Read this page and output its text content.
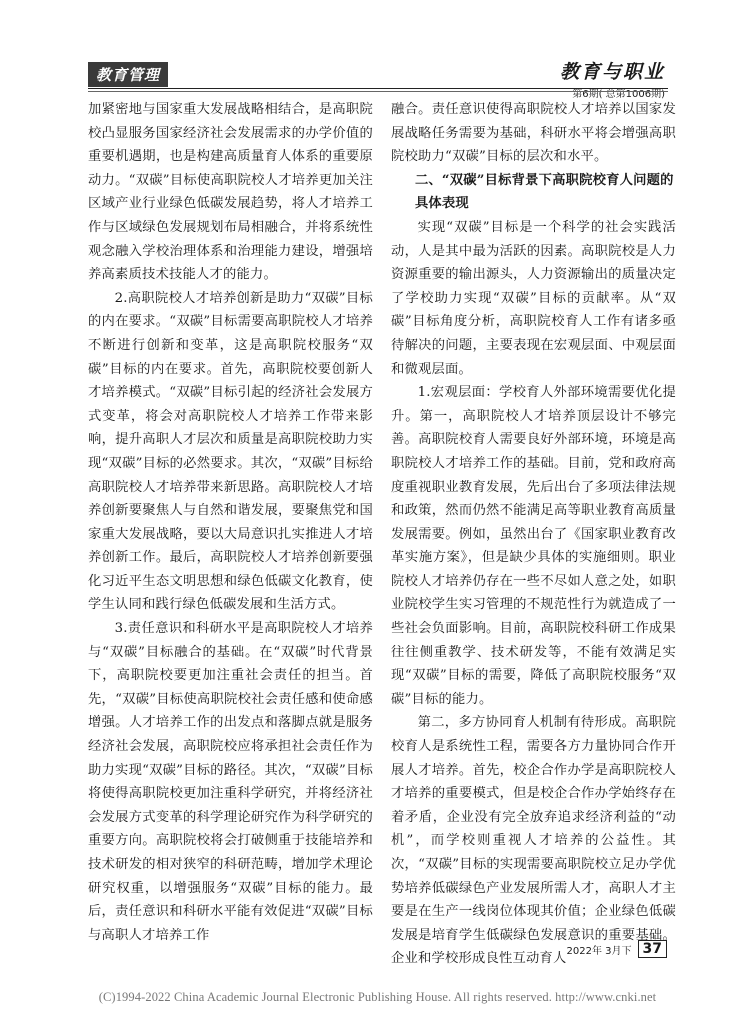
教育管理	教育与职业
第6期( 总第1006期)

加紧密地与国家重大发展战略相结合，是高职院校凸显服务国家经济社会发展需求的办学价值的重要机遇期，也是构建高质量育人体系的重要原动力。“双碳”目标使高职院校人才培养更加关注区域产业行业绿色低碳发展趋势，将人才培养工作与区域绿色发展规划布局相融合，并将系统性观念融入学校治理体系和治理能力建设，增强培养高素质技术技能人才的能力。

2.高职院校人才培养创新是助力“双碳”目标的内在要求。“双碳”目标需要高职院校人才培养不断进行创新和变革，这是高职院校服务“双碳”目标的内在要求。首先，高职院校要创新人才培养模式。“双碳”目标引起的经济社会发展方式变革，将会对高职院校人才培养工作带来影响，提升高职人才层次和质量是高职院校助力实现“双碳”目标的必然要求。其次，“双碳”目标给高职院校人才培养带来新思路。高职院校人才培养创新要聚焦人与自然和谐发展，要聚焦党和国家重大发展战略，要以大局意识扎实推进人才培养创新工作。最后，高职院校人才培养创新要强化习近平生态文明思想和绿色低碳文化教育，使学生认同和践行绿色低碳发展和生活方式。

3.责任意识和科研水平是高职院校人才培养与“双碳”目标融合的基础。在“双碳”时代背景下，高职院校要更加注重社会责任的担当。首先，“双碳”目标使高职院校社会责任感和使命感增强。人才培养工作的出发点和落脚点就是服务经济社会发展，高职院校应将承担社会责任作为助力实现“双碳”目标的路径。其次，“双碳”目标将使得高职院校更加注重科学研究，并将经济社会发展方式变革的科学理论研究作为科学研究的重要方向。高职院校将会打破侧重于技能培养和技术研发的相对狭窄的科研范畴，增加学术理论研究权重，以增强服务“双碳”目标的能力。最后，责任意识和科研水平能有效促进“双碳”目标与高职人才培养工作

融合。责任意识使得高职院校人才培养以国家发展战略任务需要为基础，科研水平将会增强高职院校助力“双碳”目标的层次和水平。

二、“双碳”目标背景下高职院校育人问题的具体表现

实现“双碳”目标是一个科学的社会实践活动，人是其中最为活跃的因素。高职院校是人力资源重要的输出源头，人力资源输出的质量决定了学校助力实现“双碳”目标的贡献率。从“双碳”目标角度分析，高职院校育人工作有诸多亟待解决的问题，主要表现在宏观层面、中观层面和微观层面。

1.宏观层面：学校育人外部环境需要优化提升。第一，高职院校人才培养顶层设计不够完善。高职院校育人需要良好外部环境，环境是高职院校人才培养工作的基础。目前，党和政府高度重视职业教育发展，先后出台了多项法律法规和政策，然而仍然不能满足高等职业教育高质量发展需要。例如，虽然出台了《国家职业教育改革实施方案》，但是缺少具体的实施细则。职业院校人才培养仍存在一些不尽如人意之处，如职业院校学生实习管理的不规范性行为就造成了一些社会负面影响。目前，高职院校科研工作成果往往侧重教学、技术研发等，不能有效满足实现“双碳”目标的需要，降低了高职院校服务“双碳”目标的能力。

第二，多方协同育人机制有待形成。高职院校育人是系统性工程，需要各方力量协同合作开展人才培养。首先，校企合作办学是高职院校人才培养的重要模式，但是校企合作办学始终存在着矛盾，企业没有完全放弃追求经济利益的“动机”，而学校则重视人才培养的公益性。其次，“双碳”目标的实现需要高职院校立足办学优势培养低碳绿色产业发展所需人才，高职人才主要是在生产一线岗位体现其价值；企业绿色低碳发展是培育学生低碳绿色发展意识的重要基础。企业和学校形成良性互动育人

2022年 3月下 37
(C)1994-2022 China Academic Journal Electronic Publishing House. All rights reserved. http://www.cnki.net
